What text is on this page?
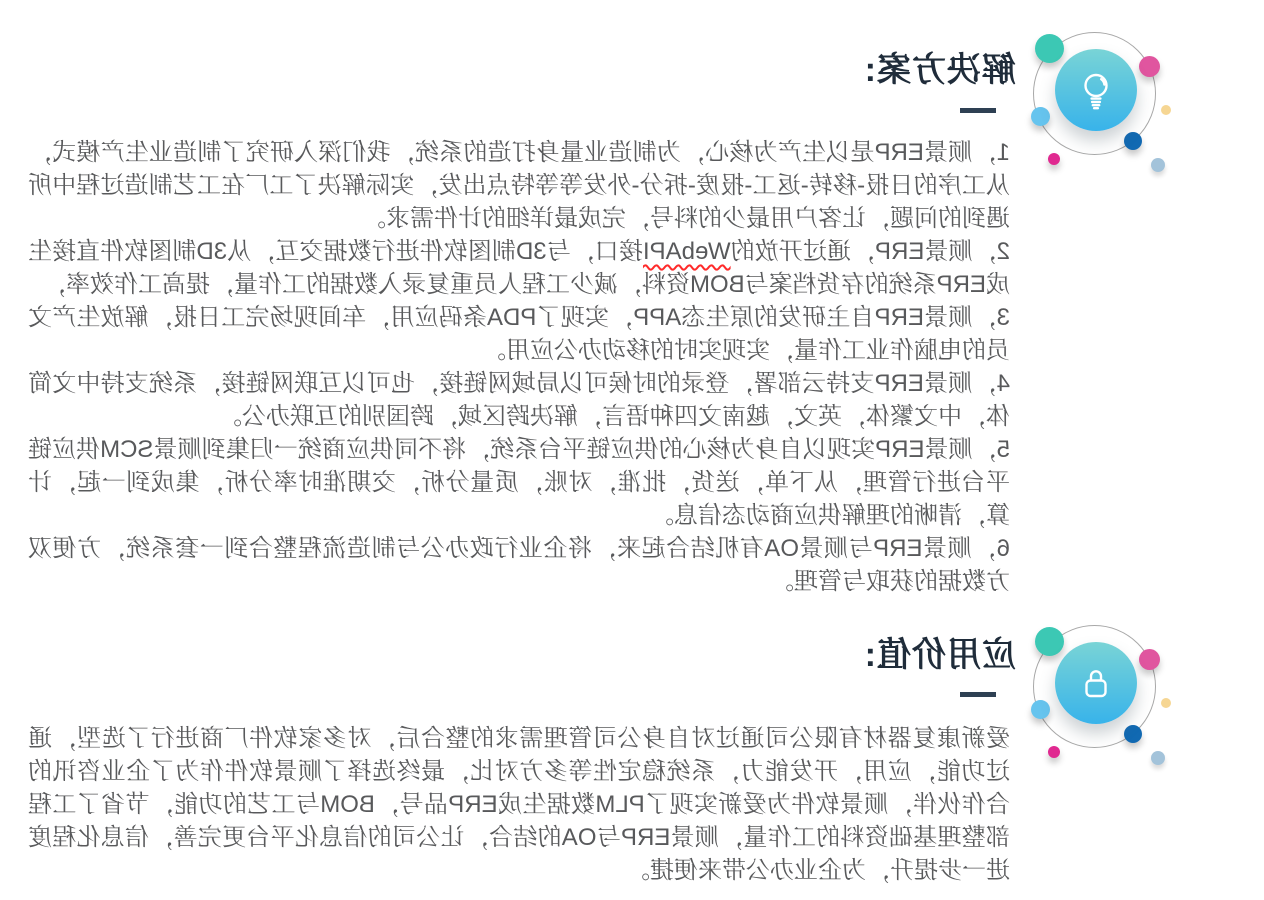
解决方案:

1，顺景ERP是以生产为核心，为制造业量身打造的系统，我们深入研究了制造业生产模式，从工序的日报-移转-返工-报废-拆分-外发等等特点出发，实际解决了工厂在工艺制造过程中所遇到的问题，让客户用最少的料号，完成最详细的计件需求。

2，顺景ERP，通过开放的WebAPI接口，与3D制图软件进行数据交互，从3D制图软件直接生成ERP系统的存货档案与BOM资料，减少工程人员重复录入数据的工作量，提高工作效率，

3，顺景ERP自主研发的原生态APP，实现了PDA条码应用，车间现场完工日报，解放生产文员的电脑作业工作量，实现实时的移动办公应用。

4，顺景ERP支持云部署，登录的时候可以局域网链接，也可以互联网链接，系统支持中文简体，中文繁体，英文，越南文四种语言，解决跨区域，跨国别的互联办公。

5，顺景ERP实现以自身为核心的供应链平台系统，将不同供应商统一归集到顺景SCM供应链平台进行管理，从下单，送货，批准，对账，质量分析，交期准时率分析，集成到一起，计算，清晰的理解供应商动态信息。

6，顺景ERP与顺景OA有机结合起来，将企业行政办公与制造流程整合到一套系统，方便双方数据的获取与管理。

应用价值:

爱新康复器材有限公司通过对自身公司管理需求的整合后，对多家软件厂商进行了选型，通过功能，应用，开发能力，系统稳定性等多方对比，最终选择了顺景软件作为了企业咨讯的合作伙伴，顺景软件为爱新实现了PLM数据生成ERP品号，BOM与工艺的功能，节省了工程部整理基础资料的工作量，顺景ERP与OA的结合，让公司的信息化平台更完善，信息化程度进一步提升，为企业办公带来便捷。
